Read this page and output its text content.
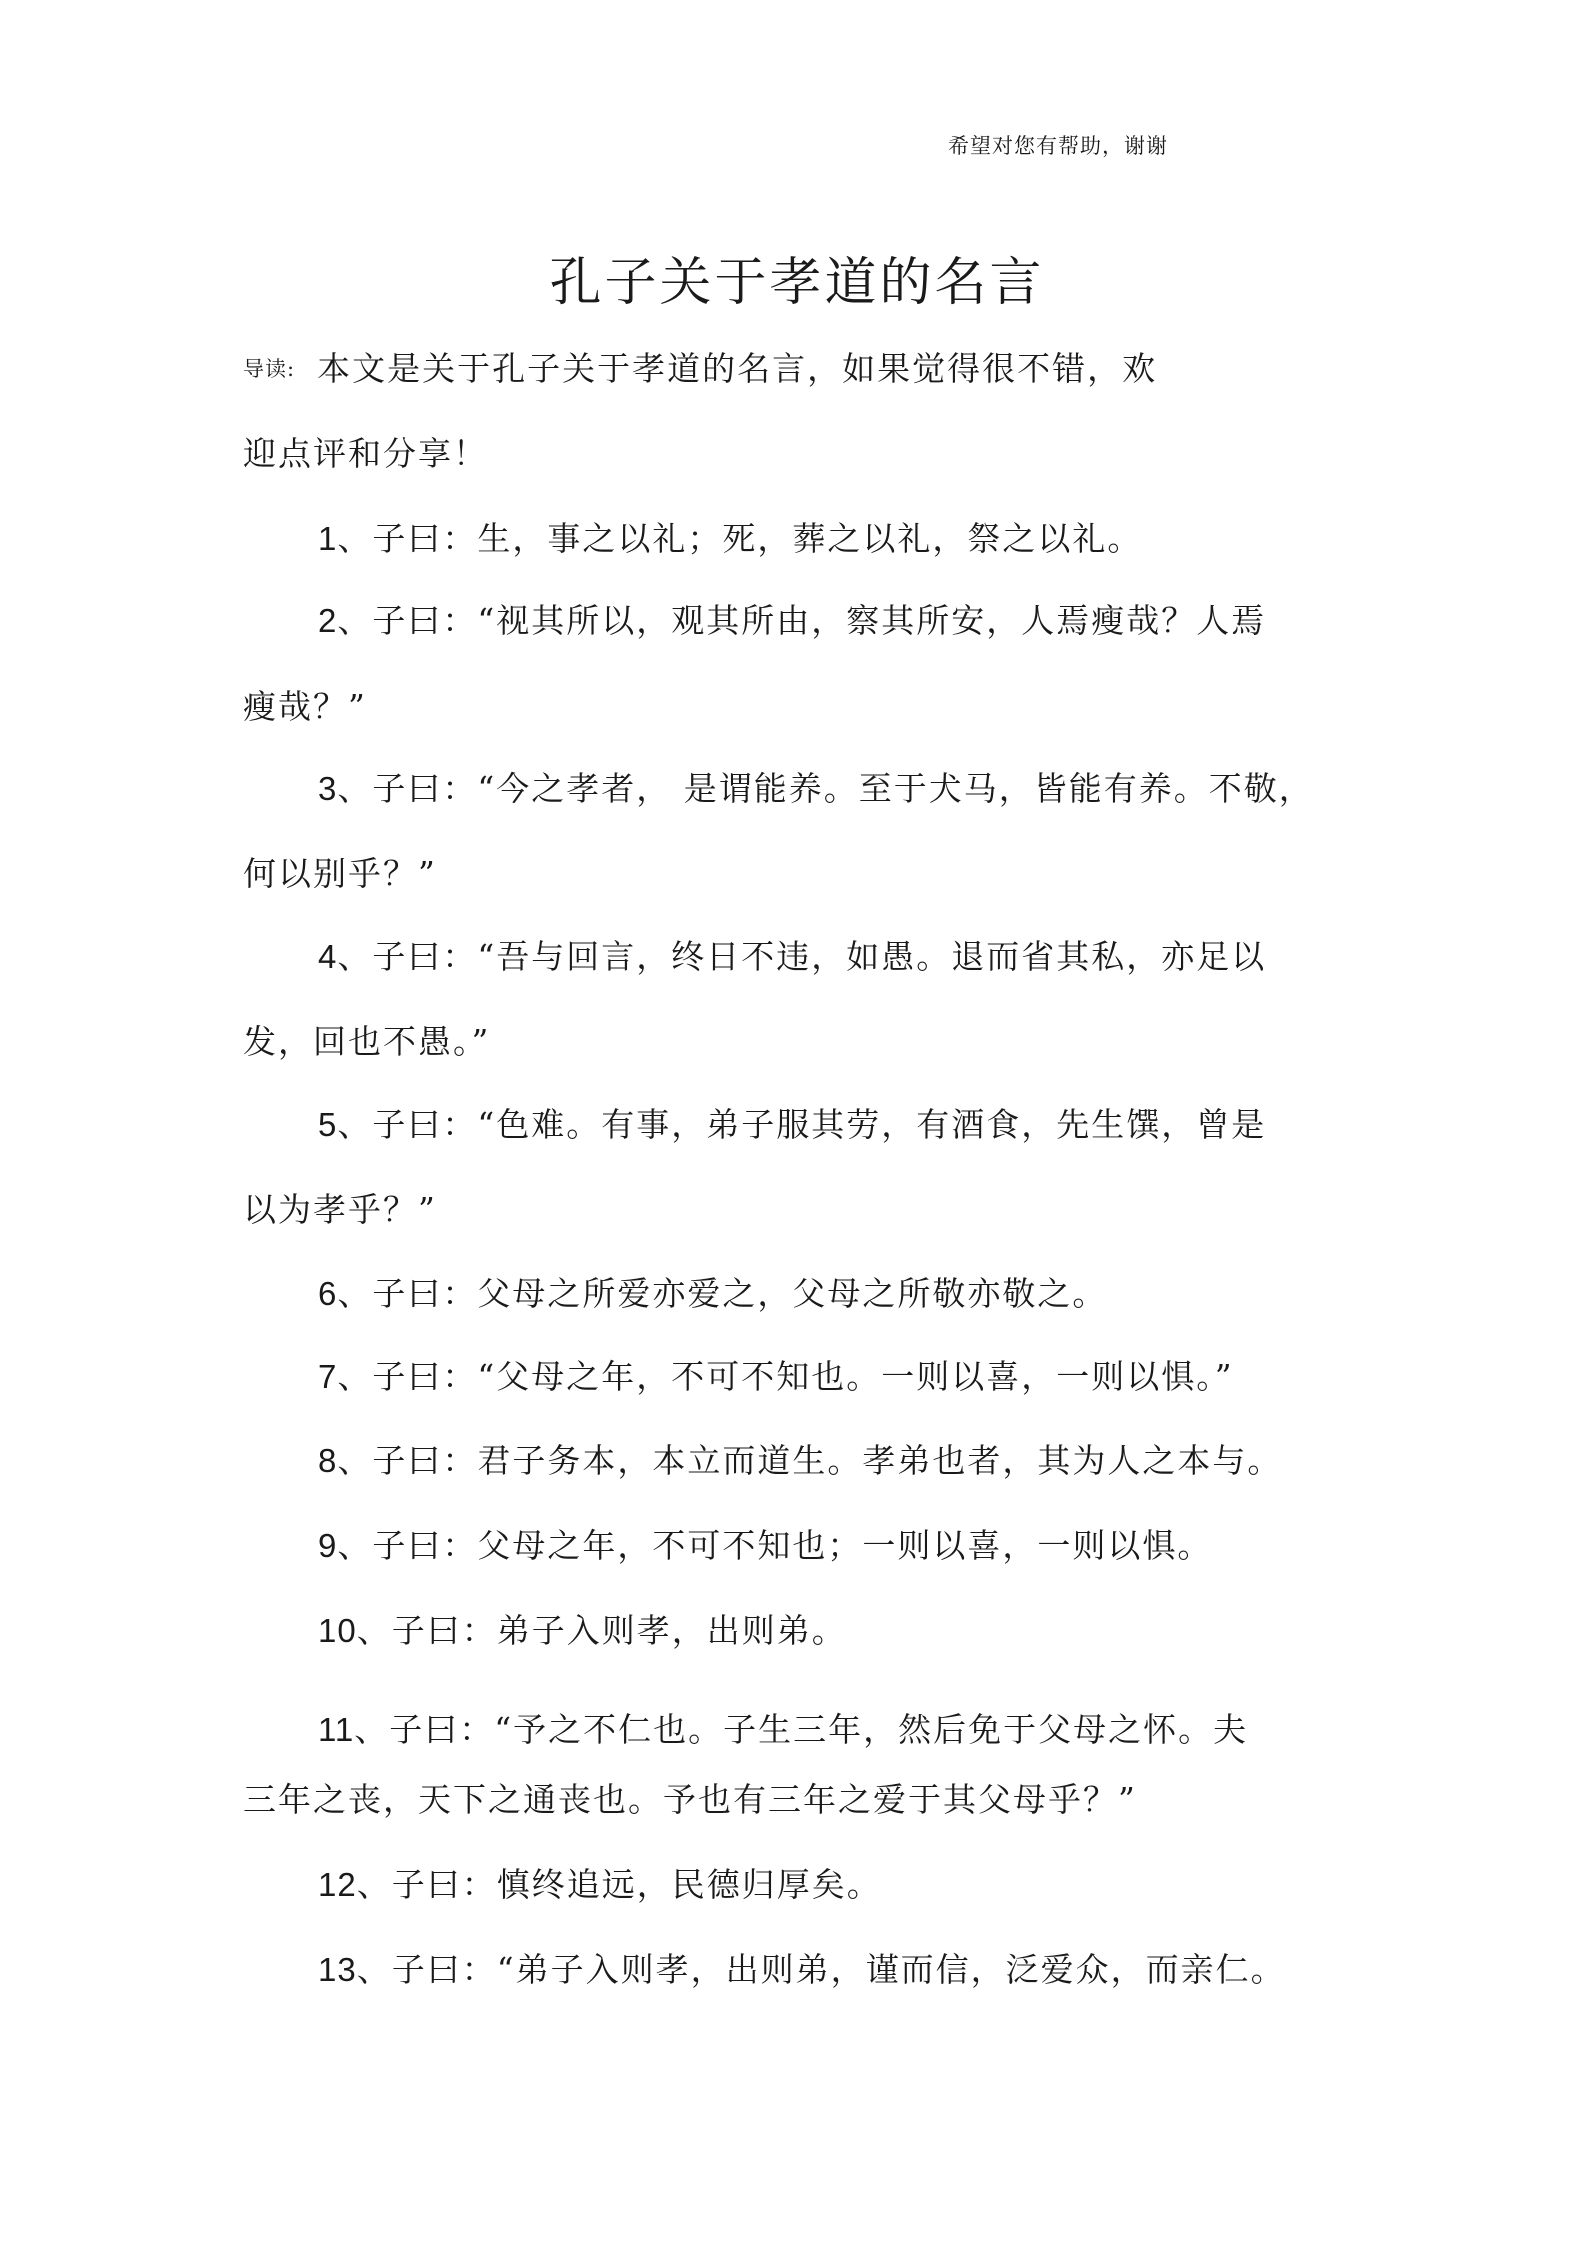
希望对您有帮助，谢谢
孔子关于孝道的名言
导读: 本文是关于孔子关于孝道的名言，如果觉得很不错，欢
迎点评和分享！
1、子曰：生，事之以礼；死，葬之以礼，祭之以礼。
2、子曰：“视其所以，观其所由，察其所安，人焉瘦哉？人焉
瘦哉？”
3、子曰：“今之孝者， 是谓能养。至于犬马，皆能有养。不敬，
何以别乎？”
4、子曰：“吾与回言，终日不违，如愚。退而省其私，亦足以
发，回也不愚。”
5、子曰：“色难。有事，弟子服其劳，有酒食，先生馔，曾是
以为孝乎？”
6、子曰：父母之所爱亦爱之，父母之所敬亦敬之。
7、子曰：“父母之年，不可不知也。一则以喜，一则以惧。”
8、子曰：君子务本，本立而道生。孝弟也者，其为人之本与。
9、子曰：父母之年，不可不知也；一则以喜，一则以惧。
10、子曰：弟子入则孝，出则弟。
11、子曰：“予之不仁也。子生三年，然后免于父母之怀。夫
三年之丧，天下之通丧也。予也有三年之爱于其父母乎？”
12、子曰：慎终追远，民德归厚矣。
13、子曰：“弟子入则孝，出则弟，谨而信，泛爱众，而亲仁。
